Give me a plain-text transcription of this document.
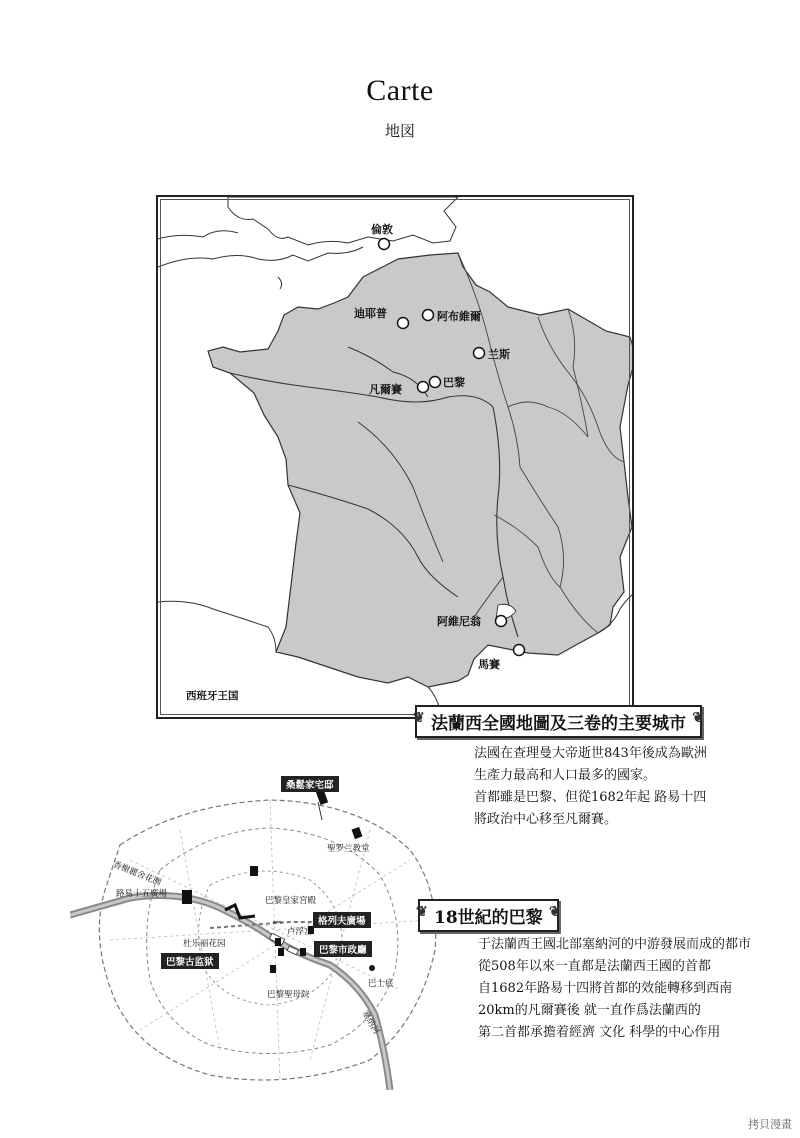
Carte
地図
倫敦
迪耶普	阿布維爾
兰斯
巴黎
凡爾賽
阿維尼翁
馬賽
西班牙王国
❦ 法蘭西全國地圖及三卷的主要城市 ❦
法國在查理曼大帝逝世843年後成為歐洲
生產力最高和人口最多的國家。
首都雖是巴黎、但從1682年起 路易十四
將政治中心移至凡爾賽。
桑鬆家宅邸
格列夫廣場
巴黎市政廳
巴黎古监狱
香榭麗舍花園
路易十五廣場
巴黎皇家宮殿
卢浮宫
杜乐丽花园
巴黎聖母院
巴士底
聖罗兰教堂
塞纳河
❦ 18世紀的巴黎 ❦
于法蘭西王國北部塞納河的中游發展而成的都市
從508年以來一直都是法蘭西王國的首都
自1682年路易十四將首都的效能轉移到西南
20km的凡爾賽後 就一直作爲法蘭西的
第二首都承擔着經濟 文化 科學的中心作用
拷貝漫畫
